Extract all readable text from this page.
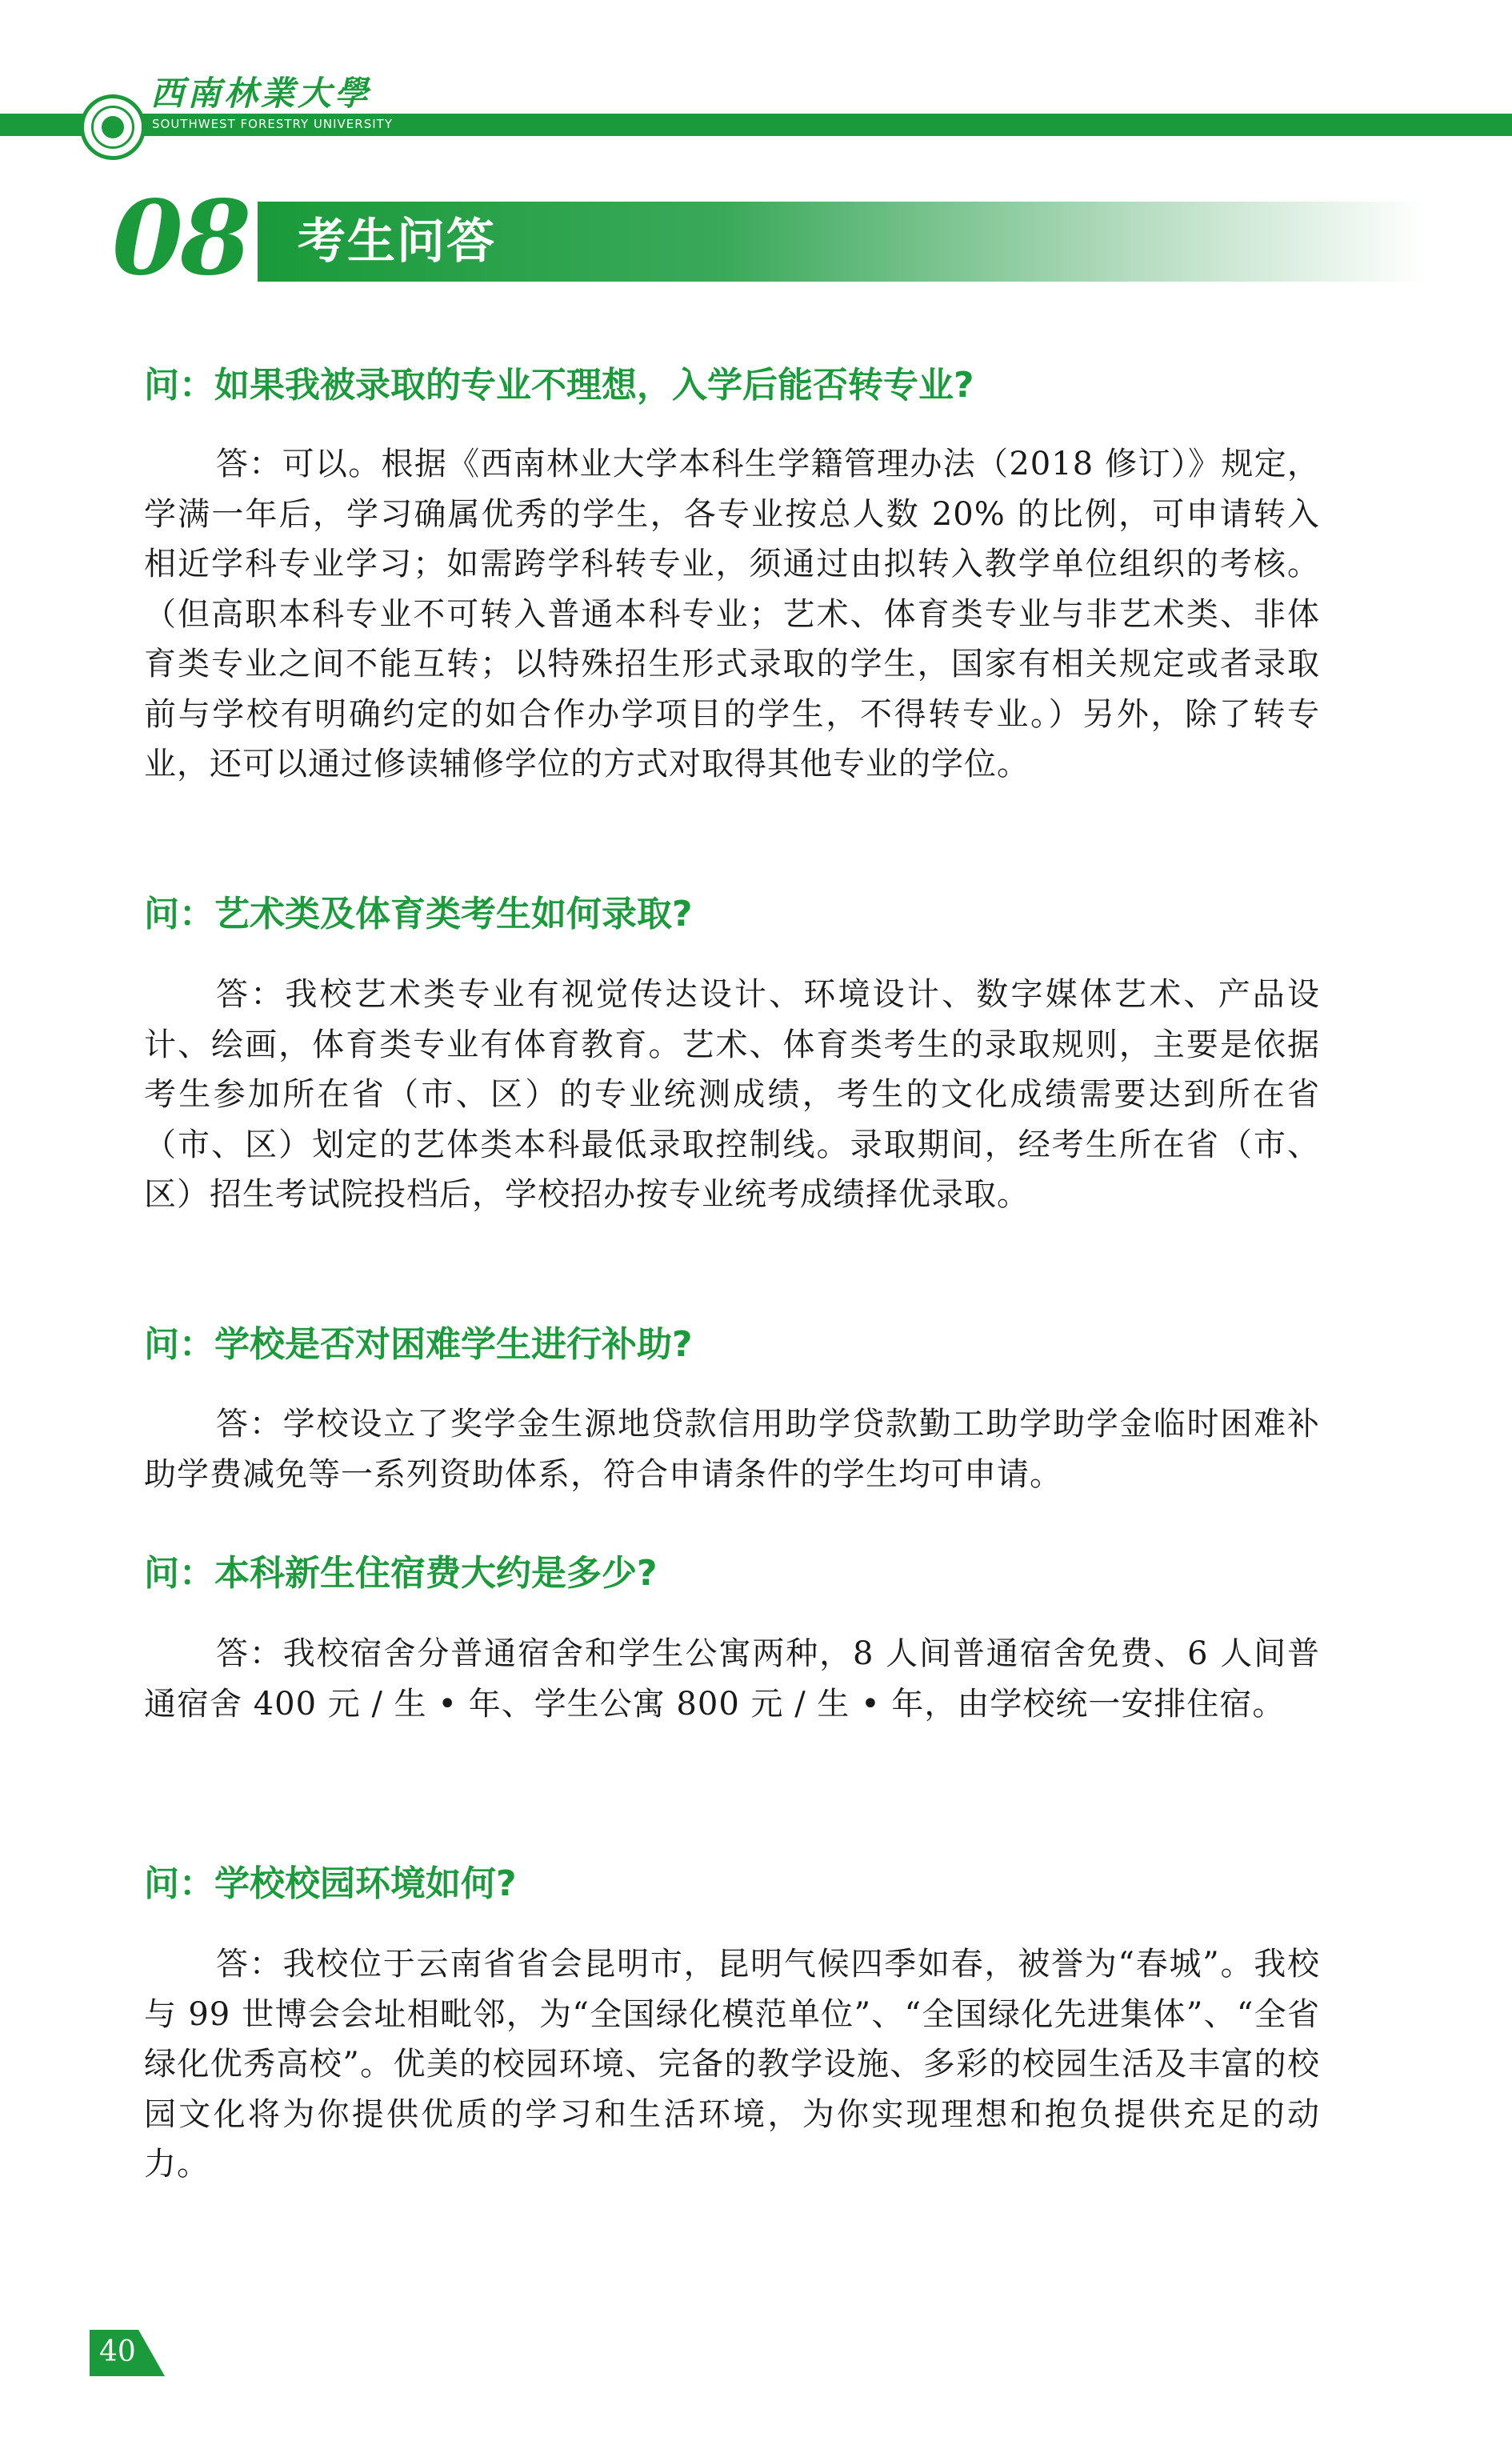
西南林業大學
SOUTHWEST FORESTRY UNIVERSITY
08 考生问答

问：如果我被录取的专业不理想，入学后能否转专业?

答：可以。根据《西南林业大学本科生学籍管理办法（2018 修订）》规定，学满一年后，学习确属优秀的学生，各专业按总人数 20% 的比例，可申请转入相近学科专业学习；如需跨学科转专业，须通过由拟转入教学单位组织的考核。（但高职本科专业不可转入普通本科专业；艺术、体育类专业与非艺术类、非体育类专业之间不能互转；以特殊招生形式录取的学生，国家有相关规定或者录取前与学校有明确约定的如合作办学项目的学生，不得转专业。）另外，除了转专业，还可以通过修读辅修学位的方式对取得其他专业的学位。

问：艺术类及体育类考生如何录取?

答：我校艺术类专业有视觉传达设计、环境设计、数字媒体艺术、产品设计、绘画，体育类专业有体育教育。艺术、体育类考生的录取规则，主要是依据考生参加所在省（市、区）的专业统测成绩，考生的文化成绩需要达到所在省（市、区）划定的艺体类本科最低录取控制线。录取期间，经考生所在省（市、区）招生考试院投档后，学校招办按专业统考成绩择优录取。

问：学校是否对困难学生进行补助?

答：学校设立了奖学金生源地贷款信用助学贷款勤工助学助学金临时困难补助学费减免等一系列资助体系，符合申请条件的学生均可申请。

问：本科新生住宿费大约是多少?

答：我校宿舍分普通宿舍和学生公寓两种，8 人间普通宿舍免费、6 人间普通宿舍 400 元 / 生 • 年、学生公寓 800 元 / 生 • 年，由学校统一安排住宿。

问：学校校园环境如何?

答：我校位于云南省省会昆明市，昆明气候四季如春，被誉为“春城”。我校与 99 世博会会址相毗邻，为“全国绿化模范单位”、“全国绿化先进集体”、“全省绿化优秀高校”。优美的校园环境、完备的教学设施、多彩的校园生活及丰富的校园文化将为你提供优质的学习和生活环境，为你实现理想和抱负提供充足的动力。

40
